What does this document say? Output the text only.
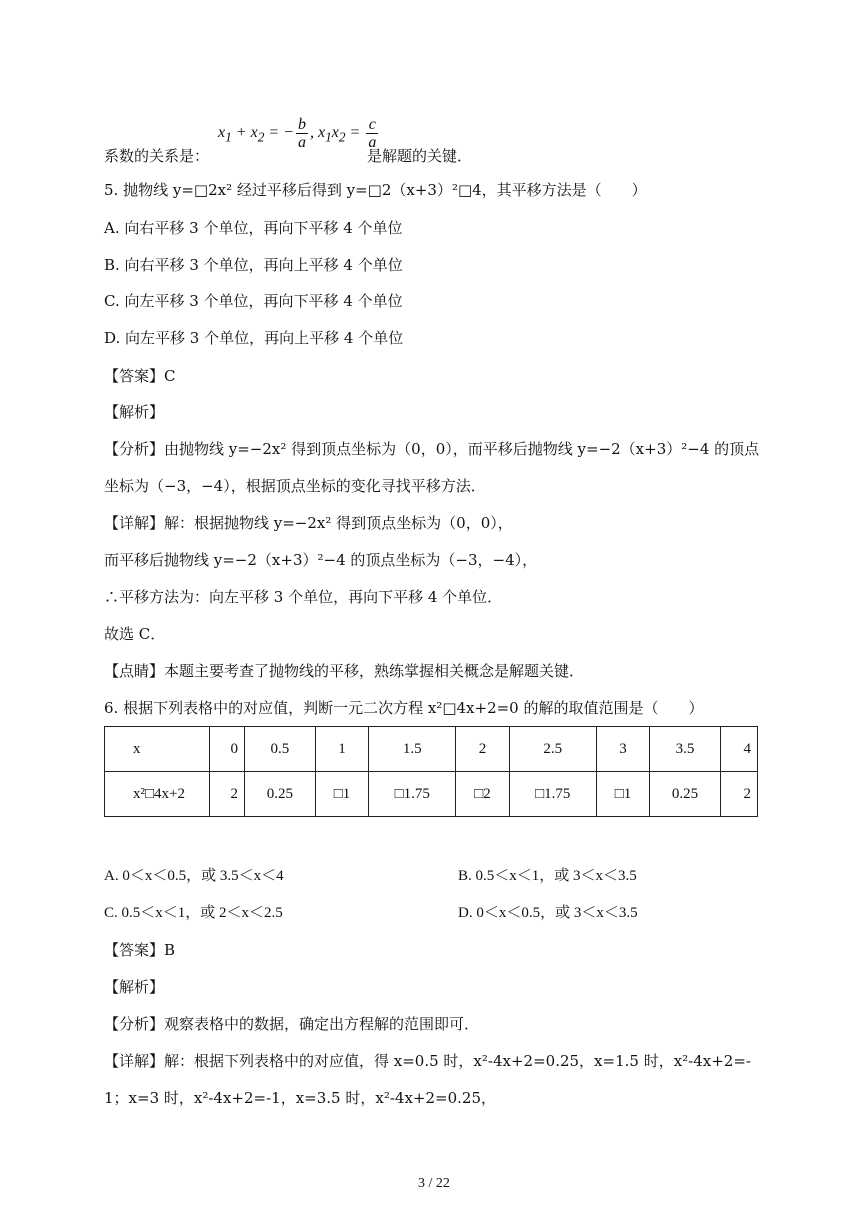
$x_1 + x_2$ = − $\frac{b}{a}$ , $x_1x_2 = \frac{c}{a}$
系数的关系是：	是解题的关键．
5. 抛物线 y=□2x² 经过平移后得到 y=□2（x+3）²□4，其平移方法是（　　）
A. 向右平移 3 个单位，再向下平移 4 个单位
B. 向右平移 3 个单位，再向上平移 4 个单位
C. 向左平移 3 个单位，再向下平移 4 个单位
D. 向左平移 3 个单位，再向上平移 4 个单位
【答案】C
【解析】
【分析】由抛物线 y=−2x² 得到顶点坐标为（0，0），而平移后抛物线 y=−2（x+3）²−4 的顶点
坐标为（−3，−4），根据顶点坐标的变化寻找平移方法．
【详解】解：根据抛物线 y=−2x² 得到顶点坐标为（0，0），
而平移后抛物线 y=−2（x+3）²−4 的顶点坐标为（−3，−4），
∴平移方法为：向左平移 3 个单位，再向下平移 4 个单位．
故选 C．
【点睛】本题主要考查了抛物线的平移，熟练掌握相关概念是解题关键．
6. 根据下列表格中的对应值，判断一元二次方程 x²□4x+2=0 的解的取值范围是（　　）
x	0	0.5	1	1.5	2	2.5	3	3.5	4
x²□4x+2	2	0.25	□1	□1.75	□2	□1.75	□1	0.25	2
A. 0＜x＜0.5，或 3.5＜x＜4	B. 0.5＜x＜1，或 3＜x＜3.5
C. 0.5＜x＜1，或 2＜x＜2.5	D. 0＜x＜0.5，或 3＜x＜3.5
【答案】B
【解析】
【分析】观察表格中的数据，确定出方程解的范围即可．
【详解】解：根据下列表格中的对应值，得 x=0.5 时，x²-4x+2=0.25，x=1.5 时，x²-4x+2=-
1；x=3 时，x²-4x+2=-1，x=3.5 时，x²-4x+2=0.25，
3 / 22
